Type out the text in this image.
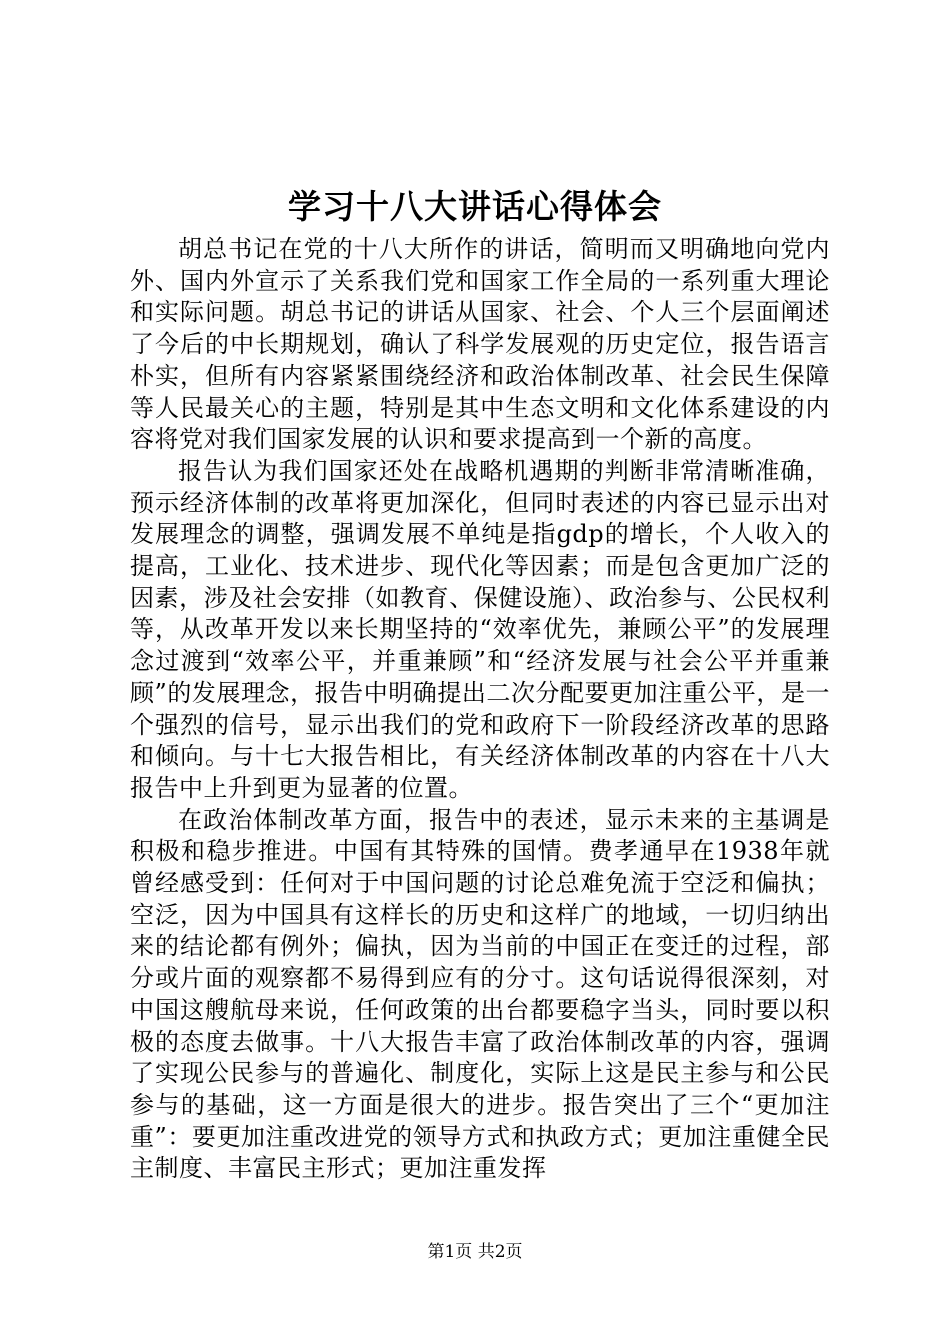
学习十八大讲话心得体会

胡总书记在党的十八大所作的讲话，简明而又明确地向党内外、国内外宣示了关系我们党和国家工作全局的一系列重大理论和实际问题。胡总书记的讲话从国家、社会、个人三个层面阐述了今后的中长期规划，确认了科学发展观的历史定位，报告语言朴实，但所有内容紧紧围绕经济和政治体制改革、社会民生保障等人民最关心的主题，特别是其中生态文明和文化体系建设的内容将党对我们国家发展的认识和要求提高到一个新的高度。

报告认为我们国家还处在战略机遇期的判断非常清晰准确，预示经济体制的改革将更加深化，但同时表述的内容已显示出对发展理念的调整，强调发展不单纯是指gdp的增长，个人收入的提高，工业化、技术进步、现代化等因素；而是包含更加广泛的因素，涉及社会安排（如教育、保健设施）、政治参与、公民权利等，从改革开发以来长期坚持的“效率优先，兼顾公平”的发展理念过渡到“效率公平，并重兼顾”和“经济发展与社会公平并重兼顾”的发展理念，报告中明确提出二次分配要更加注重公平，是一个强烈的信号，显示出我们的党和政府下一阶段经济改革的思路和倾向。与十七大报告相比，有关经济体制改革的内容在十八大报告中上升到更为显著的位置。

在政治体制改革方面，报告中的表述，显示未来的主基调是积极和稳步推进。中国有其特殊的国情。费孝通早在1938年就曾经感受到：任何对于中国问题的讨论总难免流于空泛和偏执；空泛，因为中国具有这样长的历史和这样广的地域，一切归纳出来的结论都有例外；偏执，因为当前的中国正在变迁的过程，部分或片面的观察都不易得到应有的分寸。这句话说得很深刻，对中国这艘航母来说，任何政策的出台都要稳字当头，同时要以积极的态度去做事。十八大报告丰富了政治体制改革的内容，强调了实现公民参与的普遍化、制度化，实际上这是民主参与和公民参与的基础，这一方面是很大的进步。报告突出了三个“更加注重”：要更加注重改进党的领导方式和执政方式；更加注重健全民主制度、丰富民主形式；更加注重发挥

第1页 共2页
